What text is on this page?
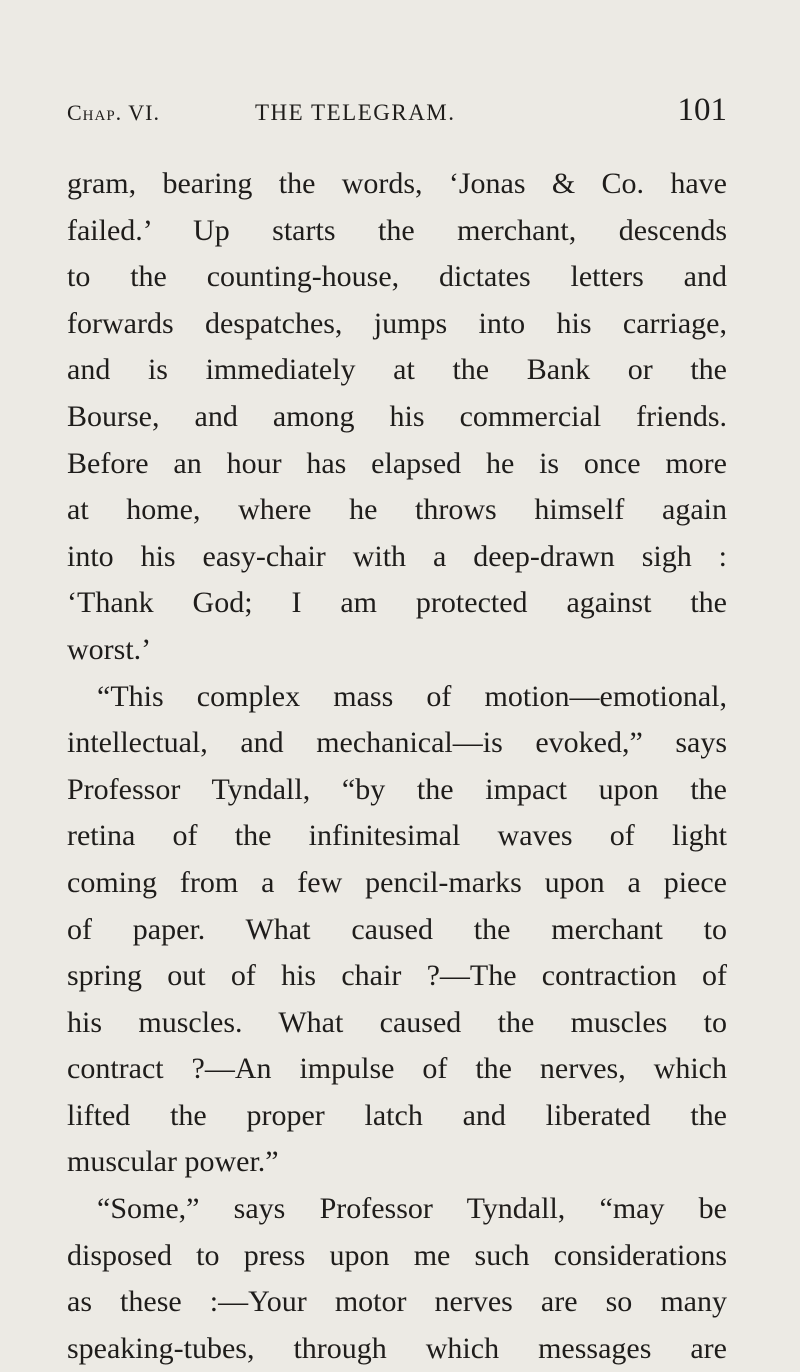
Chap. VI.	THE TELEGRAM.	101
gram, bearing the words, ‘Jonas & Co. have
failed.’ Up starts the merchant, descends
to the counting-house, dictates letters and
forwards despatches, jumps into his carriage,
and is immediately at the Bank or the
Bourse, and among his commercial friends.
Before an hour has elapsed he is once more
at home, where he throws himself again
into his easy-chair with a deep-drawn sigh :
‘Thank God; I am protected against the
worst.’
“This complex mass of motion—emotional,
intellectual, and mechanical—is evoked,” says
Professor Tyndall, “by the impact upon the
retina of the infinitesimal waves of light
coming from a few pencil-marks upon a piece
of paper. What caused the merchant to
spring out of his chair ?—The contraction of
his muscles. What caused the muscles to
contract ?—An impulse of the nerves, which
lifted the proper latch and liberated the
muscular power.”
“Some,” says Professor Tyndall, “may be
disposed to press upon me such considerations
as these :—Your motor nerves are so many
speaking-tubes, through which messages are
